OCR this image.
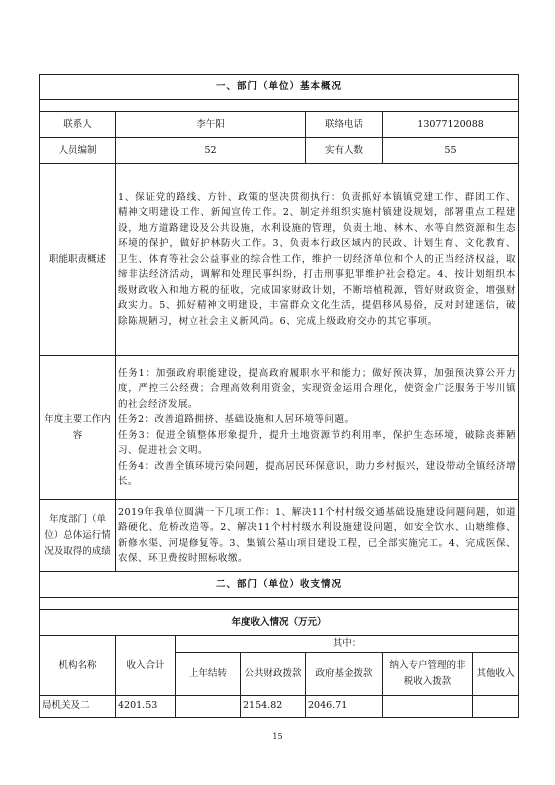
一、部门（单位）基本概况						

联系人	李午阳			联络电话	13077120088	
人员编制	52			实有人数	55	
职能职责概述	1、保证党的路线、方针、政策的坚决贯彻执行：负责抓好本镇镇党建工作、群团工作、精神文明建设工作、新闻宣传工作。2、制定并组织实施村镇建设规划，部署重点工程建设，地方道路建设及公共设施，水利设施的管理，负责土地、林木、水等自然资源和生态环境的保护，做好护林防火工作。3、负责本行政区域内的民政、计划生育、文化教育、卫生、体育等社会公益事业的综合性工作，维护一切经济单位和个人的正当经济权益，取缔非法经济活动，调解和处理民事纠纷，打击刑事犯罪维护社会稳定。4、按计划组织本级财政收入和地方税的征收，完成国家财政计划，不断培植税源，管好财政资金，增强财政实力。5、抓好精神文明建设，丰富群众文化生活，提倡移风易俗，反对封建迷信，破除陈规陋习，树立社会主义新风尚。6、完成上级政府交办的其它事项。					
年度主要工作内容	任务1：加强政府职能建设，提高政府履职水平和能力；做好预决算，加强预决算公开力度，严控三公经费；合理高效利用资金，实现资金运用合理化，使资金广泛服务于岑川镇的社会经济发展。
任务2：改善道路拥挤、基础设施和人居环境等问题。
任务3：促进全镇整体形象提升，提升土地资源节约利用率，保护生态环境，破除丧葬陋习、促进社会文明。
任务4：改善全镇环境污染问题，提高居民环保意识，助力乡村振兴，建设带动全镇经济增长。					

年度部门（单位）总体运行情况及取得的成绩	2019年我单位圆满一下几项工作：1、解决11个村村级交通基础设施建设问题问题，如道路硬化、危桥改造等。2、解决11个村村级水利设施建设问题，如安全饮水、山塘维修、新修水渠、河堤修复等。3、集镇公墓山项目建设工程，已全部实施完工。4、完成医保、农保、环卫费按时照标收缴。					
二、部门（单位）收支情况						

年度收入情况（万元）						
机构名称	收入合计	其中：				
		上年结转	公共财政拨款	政府基金拨款	纳入专户管理的非税收入拨款	其他收入
局机关及二	4201.53		2154.82	2046.71		
15
